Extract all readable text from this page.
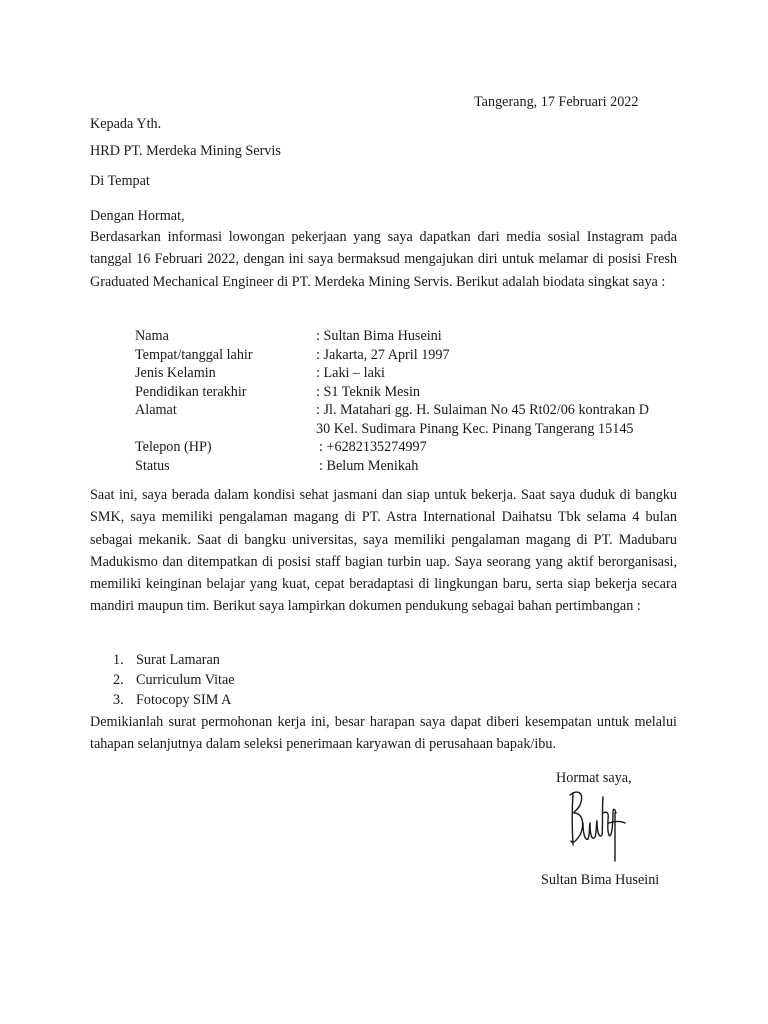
Tangerang, 17 Februari 2022
Kepada Yth.
HRD PT. Merdeka Mining Servis
Di Tempat
Dengan Hormat,

Berdasarkan informasi lowongan pekerjaan yang saya dapatkan dari media sosial Instagram pada tanggal 16 Februari 2022, dengan ini saya bermaksud mengajukan diri untuk melamar di posisi Fresh Graduated Mechanical Engineer di PT. Merdeka Mining Servis. Berikut adalah biodata singkat saya :

Nama	: Sultan Bima Huseini
Tempat/tanggal lahir	: Jakarta, 27 April 1997
Jenis Kelamin	: Laki – laki
Pendidikan terakhir	: S1 Teknik Mesin
Alamat	: Jl. Matahari gg. H. Sulaiman No 45 Rt02/06 kontrakan D
30 Kel. Sudimara Pinang Kec. Pinang Tangerang 15145
Telepon (HP)	: +6282135274997
Status	: Belum Menikah

Saat ini, saya berada dalam kondisi sehat jasmani dan siap untuk bekerja. Saat saya duduk di bangku SMK, saya memiliki pengalaman magang di PT. Astra International Daihatsu Tbk selama 4 bulan sebagai mekanik. Saat di bangku universitas, saya memiliki pengalaman magang di PT. Madubaru Madukismo dan ditempatkan di posisi staff bagian turbin uap. Saya seorang yang aktif berorganisasi, memiliki keinginan belajar yang kuat, cepat beradaptasi di lingkungan baru, serta siap bekerja secara mandiri maupun tim. Berikut saya lampirkan dokumen pendukung sebagai bahan pertimbangan :

1. Surat Lamaran
2. Curriculum Vitae
3. Fotocopy SIM A

Demikianlah surat permohonan kerja ini, besar harapan saya dapat diberi kesempatan untuk melalui tahapan selanjutnya dalam seleksi penerimaan karyawan di perusahaan bapak/ibu.

Hormat saya,
Sultan Bima Huseini
